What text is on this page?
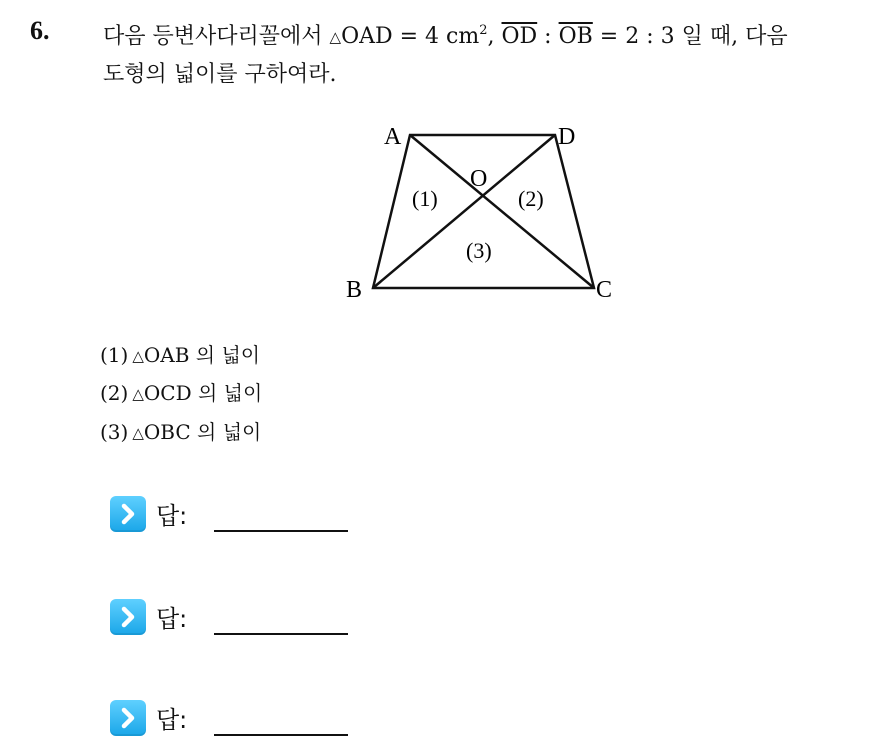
6. 다음 등변사다리꼴에서 △OAD = 4 $cm^2$, $\overline{OD}$ : $\overline{OB} = 2$ : 3 일 때, 다음
도형의 넓이를 구하여라.
A	D
B	C
O
(1)	(2)
(3)
(1) △OAB 의 넓이
(2) △OCD 의 넓이
(3) △OBC 의 넓이
답:
답:
답:
